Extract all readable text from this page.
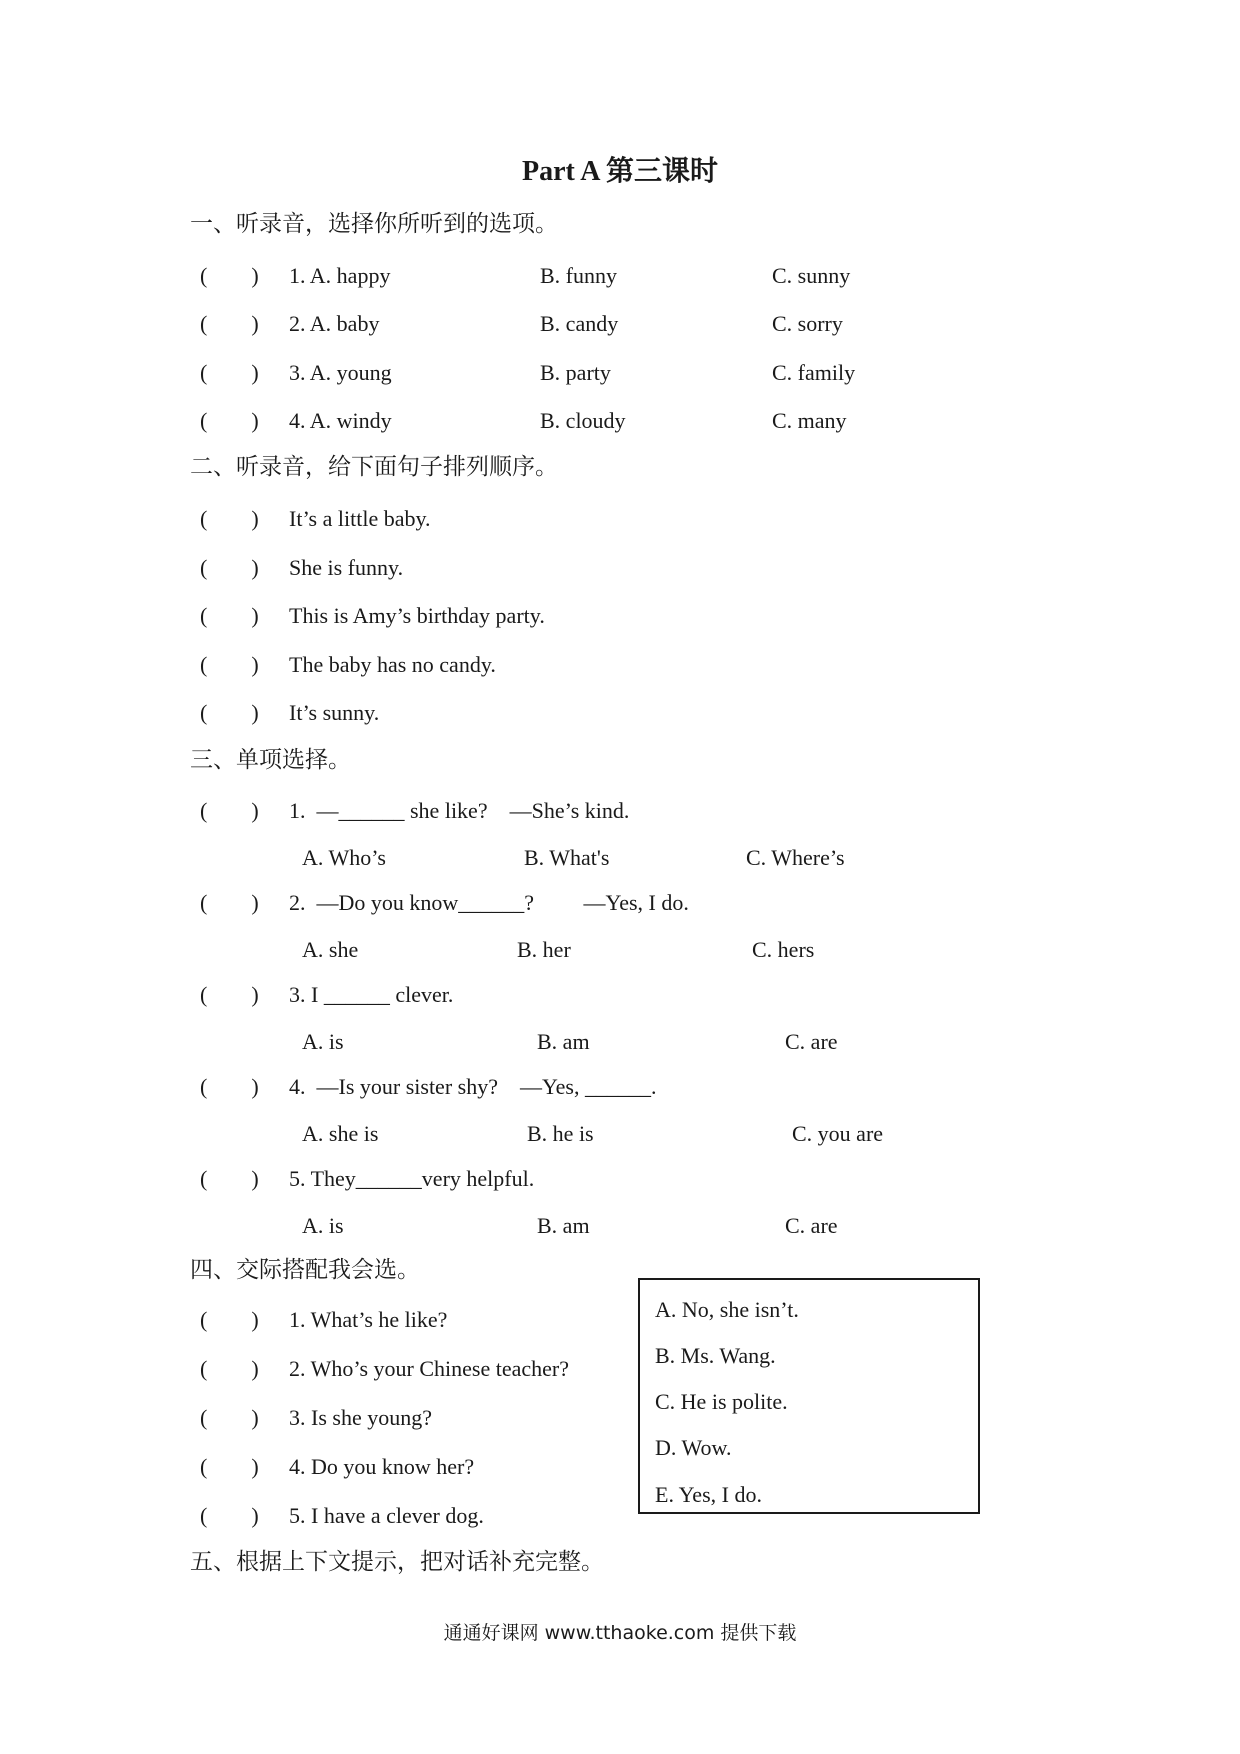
Part A 第三课时
一、听录音，选择你所听到的选项。
(        ) 1. A. happy	B. funny	C. sunny
(        ) 2. A. baby	B. candy	C. sorry
(        ) 3. A. young	B. party	C. family
(        ) 4. A. windy	B. cloudy	C. many
二、听录音，给下面句子排列顺序。
(        ) It’s a little baby.
(        ) She is funny.
(        ) This is Amy’s birthday party.
(        ) The baby has no candy.
(        ) It’s sunny.
三、单项选择。
(        ) 1.  —______ she like?    —She’s kind.
A. Who’s	B. What's	C. Where’s
(        ) 2.  —Do you know______?         —Yes, I do.
A. she	B. her	C. hers
(        ) 3. I ______ clever.
A. is	B. am	C. are
(        ) 4.  —Is your sister shy?    —Yes, ______.
A. she is	B. he is	C. you are
(        ) 5. They______very helpful.
A. is	B. am	C. are
四、交际搭配我会选。
(        ) 1. What’s he like?
(        ) 2. Who’s your Chinese teacher?
(        ) 3. Is she young?
(        ) 4. Do you know her?
(        ) 5. I have a clever dog.
A. No, she isn’t.
B. Ms. Wang.
C. He is polite.
D. Wow.
E. Yes, I do.
五、根据上下文提示，把对话补充完整。
通通好课网 www.tthaoke.com 提供下载
